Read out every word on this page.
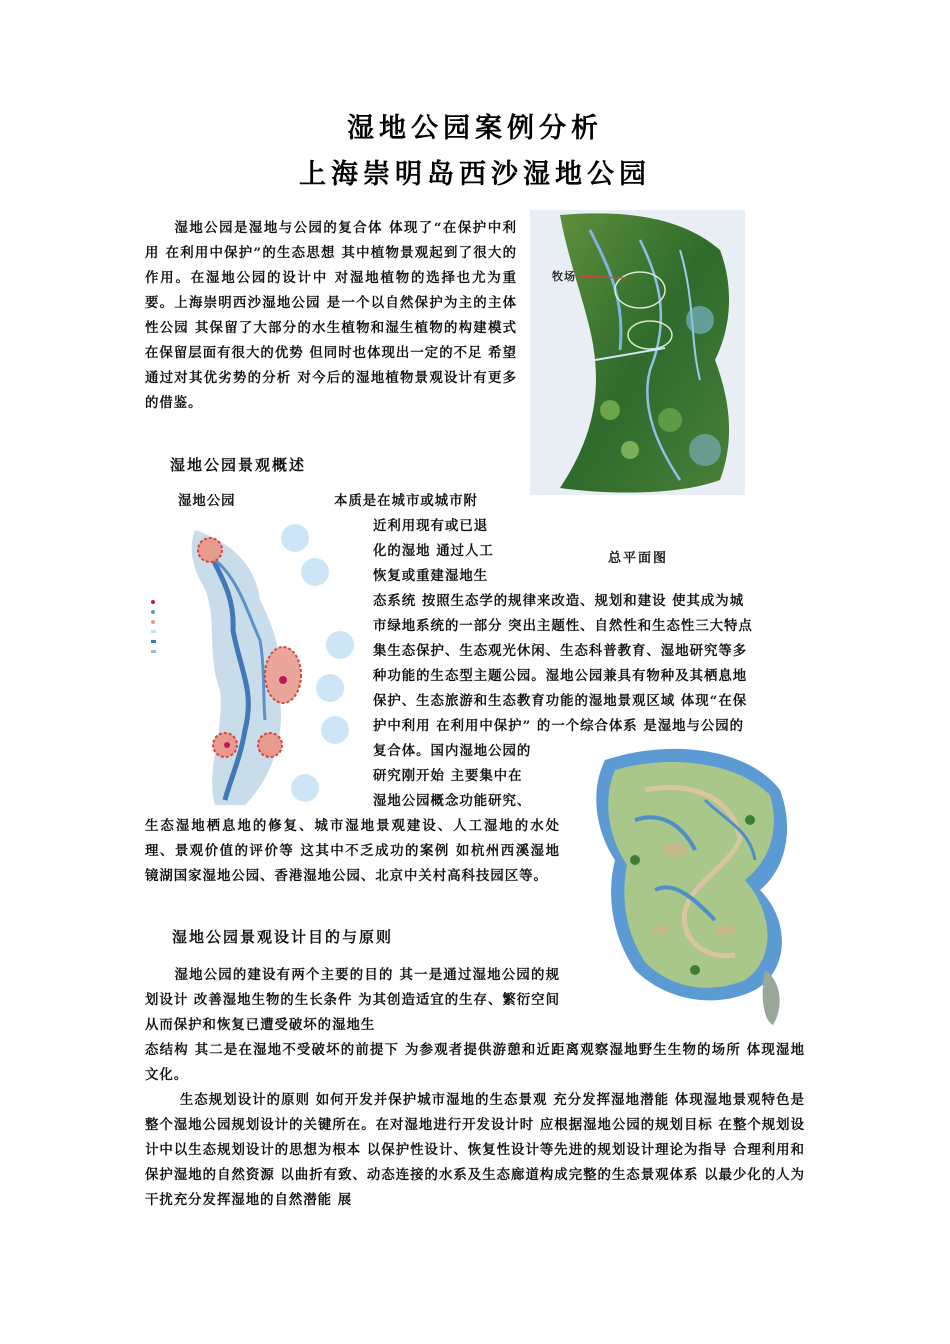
湿地公园案例分析
上海崇明岛西沙湿地公园

湿地公园是湿地与公园的复合体 体现了“在保护中利用 在利用中保护”的生态思想 其中植物景观起到了很大的作用。在湿地公园的设计中 对湿地植物的选择也尤为重要。上海崇明西沙湿地公园 是一个以自然保护为主的主体性公园 其保留了大部分的水生植物和湿生植物的构建模式 在保留层面有很大的优势 但同时也体现出一定的不足 希望通过对其优劣势的分析 对今后的湿地植物景观设计有更多的借鉴。

牧场
湿地公园景观概述
湿地公园	本质是在城市或城市附
近利用现有或已退
化的湿地 通过人工
恢复或重建湿地生
态系统 按照生态学的规律来改造、规划和建设 使其成为城
市绿地系统的一部分 突出主题性、自然性和生态性三大特点
集生态保护、生态观光休闲、生态科普教育、湿地研究等多
种功能的生态型主题公园。湿地公园兼具有物种及其栖息地
保护、生态旅游和生态教育功能的湿地景观区域 体现“在保
护中利用 在利用中保护” 的一个综合体系 是湿地与公园的
复合体。国内湿地公园的
研究刚开始 主要集中在
湿地公园概念功能研究、
总平面图

生态湿地栖息地的修复、城市湿地景观建设、人工湿地的水处理、景观价值的评价等 这其中不乏成功的案例 如杭州西溪湿地 镜湖国家湿地公园、香港湿地公园、北京中关村高科技园区等。

湿地公园景观设计目的与原则

湿地公园的建设有两个主要的目的 其一是通过湿地公园的规划设计 改善湿地生物的生长条件 为其创造适宜的生存、繁衍空间 从而保护和恢复已遭受破坏的湿地生

态结构 其二是在湿地不受破坏的前提下 为参观者提供游憩和近距离观察湿地野生生物的场所 体现湿地文化。

生态规划设计的原则 如何开发并保护城市湿地的生态景观 充分发挥湿地潜能 体现湿地景观特色是整个湿地公园规划设计的关键所在。在对湿地进行开发设计时 应根据湿地公园的规划目标 在整个规划设计中以生态规划设计的思想为根本 以保护性设计、恢复性设计等先进的规划设计理论为指导 合理利用和保护湿地的自然资源 以曲折有致、动态连接的水系及生态廊道构成完整的生态景观体系 以最少化的人为干扰充分发挥湿地的自然潜能 展
